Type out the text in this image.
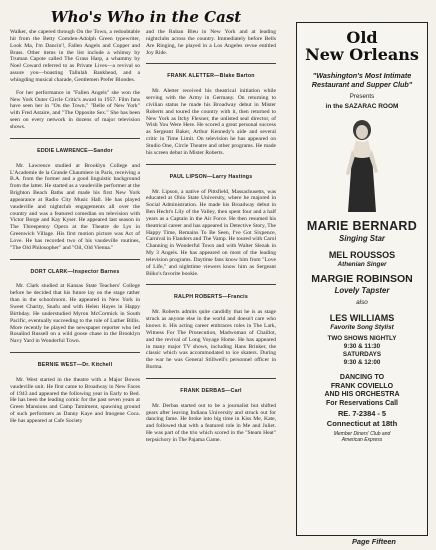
Who's Who in the Cast

Walker, she capered through On the Town, a redoubtable hit from the Betty Comden-Adolph Green typewriter, Look Ma, I'm Dancin'!, Fallen Angels and Copper and Brass. Other items in the list include a whimsy by Truman Capote called The Grass Harp, a whammy by Noel Coward referred to as Private Lives—a revival so assure you—boasting Tallulah Bankhead, and a whingding musical charade, Gentlemen Prefer Blondes.

For her performance in "Fallen Angels" she won the New York Outer Circle Critic's award in 1957. Film fans have seen her in "On the Town," "Belle of New York" with Fred Astaire, and "The Opposite Sex." She has been seen on every network in dozens of major television shows.

EDDIE LAWRENCE—Sandor

Mr. Lawrence studied at Brooklyn College and L'Academie de la Grande Chaumiere in Paris, receiving a B.A. from the former and a good linguistic background from the latter. He started as a vaudeville performer at the Brighton Beach Baths and made his first New York appearance at Radio City Music Hall. He has played vaudeville and nightclub engagements all over the country and was a featured comedian on television with Victor Borge and Kay Kyser. He appeared last season in The Threepenny Opera at the Theatre de Lys in Greenwich Village. His first motion picture was Act of Love. He has recorded two of his vaudeville routines, "The Old Philosopher" and "Oil, Old Vienna."

DORT CLARK—Inspector Barnes

Mr. Clark studied at Kansas State Teachers' College before he decided that his future lay on the stage rather than in the schoolroom. He appeared in New York in Sweet Charity, Snafu and with Helen Hayes in Happy Birthday. He understudied Myron McCormick in South Pacific, eventually succeeding to the role of Luther Billis. More recently he played the newspaper reporter who led Rosalind Russell on a wild goose chase in the Brooklyn Navy Yard in Wonderful Town.

BERNIE WEST—Dr. Kitchell

Mr. West started in the theatre with a Major Bowes vaudeville unit. He first came to Broadway in New Faces of 1943 and appeared the following year in Early to Bed. He has been the leading comic for the past seven years at Green Mansions and Camp Tamiment, spawning ground of such performers as Danny Kaye and Imogene Coca. He has appeared at Cafe Society

and the Ruban Bleu in New York and at leading nightclubs across the country. Immediately before Bells Are Ringing, he played in a Los Angeles revue entitled Joy Ride.

FRANK ALETTER—Blake Barton

Mr. Aletter received his theatrical initiation while serving with the Army in Germany. On returning to civilian status he made his Broadway debut in Mister Roberts and toured the country with it, then returned to New York as Itchy Flexner, the unlisted seal director, of Wish You Were Here. He scored a great personal success as Sergeant Baker, Arthur Kennedy's aide and several critic in Time Limit. On television he has appeared on Studio One, Circle Theatre and other programs. He made his screen debut in Mister Roberts.

PAUL LIPSON—Larry Hastings

Mr. Lipson, a native of Pittsfield, Massachusetts, was educated at Ohio State University, where he majored in Social Administration. He made his Broadway debut in Ben Hecht's Lily of the Valley, then spent four and a half years as a Captain in the Air Force. He then resumed his theatrical career and has appeared in Detective Story, The Happy Time, Remains To Be Seen, I've Got Sixpence, Carnival in Flanders and The Vamp. He toured with Carol Channing in Wonderful Town and with Walter Slezak in My 3 Angels. He has appeared on most of the leading television programs. Daytime fans know him from "Love of Life," and nighttime viewers know him as Sergeant Bilko's favorite bookie.

RALPH ROBERTS—Francis

Mr. Roberts admits quite candidly that he is as stage struck as anyone else in the world and doesn't care who knows it. His acting career embraces roles in The Lark, Witness For The Prosecution, Madwoman of Chaillot, and the revival of Long Voyage Home. He has appeared in many major TV shows, including Hans Brinker, the classic which was accommodated to ice skaters. During the war he was General Stillwell's personnel officer in Burma.

FRANK DERBAS—Carl

Mr. Derbas started out to be a journalist but shifted gears after leaving Indiana University and struck out for dancing fame. He broke into big time in Kiss Me, Kate, and followed that with a featured role in Me and Juliet. He was part of the trio which scored in the "Steam Heat" terpsichory in The Pajama Game.

Old
New Orleans
"Washington's Most Intimate Restaurant and Supper Club"
Presents
in the SAZARAC ROOM
MARIE BERNARD
Singing Star
MEL ROUSSOS
Athenian Singer
MARGIE ROBINSON
Lovely Tapster
also
LES WILLIAMS
Favorite Song Stylist
TWO SHOWS NIGHTLY
9:30 & 11:30
SATURDAYS
9:30 & 12:00
DANCING TO
FRANK COVIELLO
AND HIS ORCHESTRA
For Reservations Call
RE. 7-2384 - 5
Connecticut at 18th
Member Diners' Club and
American Express
Page Fifteen
